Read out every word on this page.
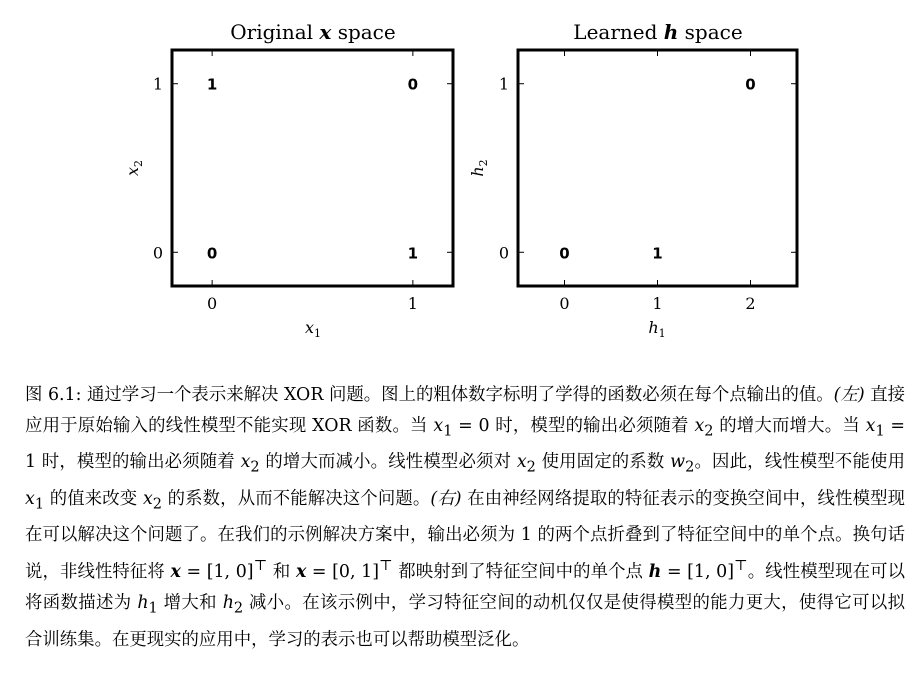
Original x space
0	1
0
1	1	0
0	1
$x_1$
$x_2$
Learned h space
0	1	2
0
1	0
0	1
$h_1$
$h_2$

图 6.1: 通过学习一个表示来解决 XOR 问题。图上的粗体数字标明了学得的函数必须在每个点输出的值。(左) 直接应用于原始输入的线性模型不能实现 XOR 函数。当 $x_1 = 0$ 时，模型的输出必须随着 $x_2$ 的增大而增大。当 $x_1 = 1$ 时，模型的输出必须随着 $x_2$ 的增大而减小。线性模型必须对 $x_2$ 使用固定的系数 $w_2$。因此，线性模型不能使用 $x_1$ 的值来改变 $x_2$ 的系数，从而不能解决这个问题。(右) 在由神经网络提取的特征表示的变换空间中，线性模型现在可以解决这个问题了。在我们的示例解决方案中，输出必须为 1 的两个点折叠到了特征空间中的单个点。换句话说，非线性特征将 x = [1, 0]⊤ 和 x = [0, 1]⊤ 都映射到了特征空间中的单个点 h = [1, 0]⊤。线性模型现在可以将函数描述为 $h_1$ 增大和 $h_2$ 减小。在该示例中，学习特征空间的动机仅仅是使得模型的能力更大，使得它可以拟合训练集。在更现实的应用中，学习的表示也可以帮助模型泛化。
